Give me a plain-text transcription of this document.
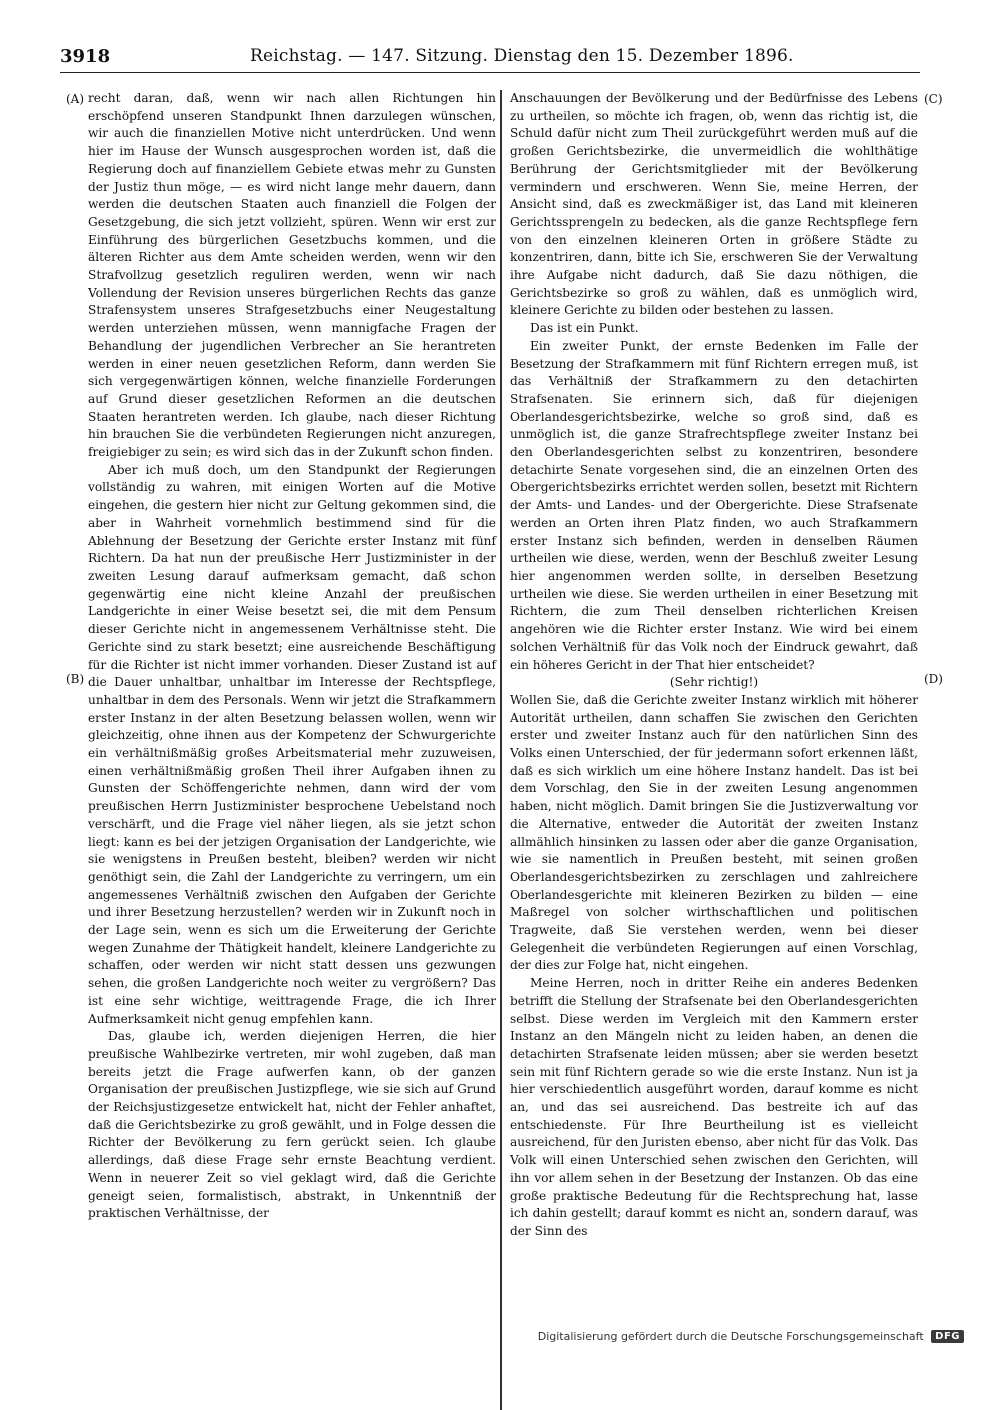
3918	Reichstag. — 147. Sitzung. Dienstag den 15. Dezember 1896.
(A)
(B)
(C)
(D)

recht daran, daß, wenn wir nach allen Richtungen hin erschöpfend unseren Standpunkt Ihnen darzulegen wünschen, wir auch die finanziellen Motive nicht unterdrücken. Und wenn hier im Hause der Wunsch ausgesprochen worden ist, daß die Regierung doch auf finanziellem Gebiete etwas mehr zu Gunsten der Justiz thun möge, — es wird nicht lange mehr dauern, dann werden die deutschen Staaten auch finanziell die Folgen der Gesetzgebung, die sich jetzt vollzieht, spüren. Wenn wir erst zur Einführung des bürgerlichen Gesetzbuchs kommen, und die älteren Richter aus dem Amte scheiden werden, wenn wir den Strafvollzug gesetzlich reguliren werden, wenn wir nach Vollendung der Revision unseres bürgerlichen Rechts das ganze Strafensystem unseres Strafgesetzbuchs einer Neugestaltung werden unterziehen müssen, wenn mannigfache Fragen der Behandlung der jugendlichen Verbrecher an Sie herantreten werden in einer neuen gesetzlichen Reform, dann werden Sie sich vergegenwärtigen können, welche finanzielle Forderungen auf Grund dieser gesetzlichen Reformen an die deutschen Staaten herantreten werden. Ich glaube, nach dieser Richtung hin brauchen Sie die verbündeten Regierungen nicht anzuregen, freigiebiger zu sein; es wird sich das in der Zukunft schon finden.

Aber ich muß doch, um den Standpunkt der Regierungen vollständig zu wahren, mit einigen Worten auf die Motive eingehen, die gestern hier nicht zur Geltung gekommen sind, die aber in Wahrheit vornehmlich bestimmend sind für die Ablehnung der Besetzung der Gerichte erster Instanz mit fünf Richtern. Da hat nun der preußische Herr Justizminister in der zweiten Lesung darauf aufmerksam gemacht, daß schon gegenwärtig eine nicht kleine Anzahl der preußischen Landgerichte in einer Weise besetzt sei, die mit dem Pensum dieser Gerichte nicht in angemessenem Verhältnisse steht. Die Gerichte sind zu stark besetzt; eine ausreichende Beschäftigung für die Richter ist nicht immer vorhanden. Dieser Zustand ist auf die Dauer unhaltbar, unhaltbar im Interesse der Rechtspflege, unhaltbar in dem des Personals. Wenn wir jetzt die Strafkammern erster Instanz in der alten Besetzung belassen wollen, wenn wir gleichzeitig, ohne ihnen aus der Kompetenz der Schwurgerichte ein verhältnißmäßig großes Arbeitsmaterial mehr zuzuweisen, einen verhältnißmäßig großen Theil ihrer Aufgaben ihnen zu Gunsten der Schöffengerichte nehmen, dann wird der vom preußischen Herrn Justizminister besprochene Uebelstand noch verschärft, und die Frage viel näher liegen, als sie jetzt schon liegt: kann es bei der jetzigen Organisation der Landgerichte, wie sie wenigstens in Preußen besteht, bleiben? werden wir nicht genöthigt sein, die Zahl der Landgerichte zu verringern, um ein angemessenes Verhältniß zwischen den Aufgaben der Gerichte und ihrer Besetzung herzustellen? werden wir in Zukunft noch in der Lage sein, wenn es sich um die Erweiterung der Gerichte wegen Zunahme der Thätigkeit handelt, kleinere Landgerichte zu schaffen, oder werden wir nicht statt dessen uns gezwungen sehen, die großen Landgerichte noch weiter zu vergrößern? Das ist eine sehr wichtige, weittragende Frage, die ich Ihrer Aufmerksamkeit nicht genug empfehlen kann.

Das, glaube ich, werden diejenigen Herren, die hier preußische Wahlbezirke vertreten, mir wohl zugeben, daß man bereits jetzt die Frage aufwerfen kann, ob der ganzen Organisation der preußischen Justizpflege, wie sie sich auf Grund der Reichsjustizgesetze entwickelt hat, nicht der Fehler anhaftet, daß die Gerichtsbezirke zu groß gewählt, und in Folge dessen die Richter der Bevölkerung zu fern gerückt seien. Ich glaube allerdings, daß diese Frage sehr ernste Beachtung verdient. Wenn in neuerer Zeit so viel geklagt wird, daß die Gerichte geneigt seien, formalistisch, abstrakt, in Unkenntniß der praktischen Verhältnisse, der

Anschauungen der Bevölkerung und der Bedürfnisse des Lebens zu urtheilen, so möchte ich fragen, ob, wenn das richtig ist, die Schuld dafür nicht zum Theil zurückgeführt werden muß auf die großen Gerichtsbezirke, die unvermeidlich die wohlthätige Berührung der Gerichtsmitglieder mit der Bevölkerung vermindern und erschweren. Wenn Sie, meine Herren, der Ansicht sind, daß es zweckmäßiger ist, das Land mit kleineren Gerichtssprengeln zu bedecken, als die ganze Rechtspflege fern von den einzelnen kleineren Orten in größere Städte zu konzentriren, dann, bitte ich Sie, erschweren Sie der Verwaltung ihre Aufgabe nicht dadurch, daß Sie dazu nöthigen, die Gerichtsbezirke so groß zu wählen, daß es unmöglich wird, kleinere Gerichte zu bilden oder bestehen zu lassen.

Das ist ein Punkt.

Ein zweiter Punkt, der ernste Bedenken im Falle der Besetzung der Strafkammern mit fünf Richtern erregen muß, ist das Verhältniß der Strafkammern zu den detachirten Strafsenaten. Sie erinnern sich, daß für diejenigen Oberlandesgerichtsbezirke, welche so groß sind, daß es unmöglich ist, die ganze Strafrechtspflege zweiter Instanz bei den Oberlandesgerichten selbst zu konzentriren, besondere detachirte Senate vorgesehen sind, die an einzelnen Orten des Obergerichtsbezirks errichtet werden sollen, besetzt mit Richtern der Amts- und Landes- und der Obergerichte. Diese Strafsenate werden an Orten ihren Platz finden, wo auch Strafkammern erster Instanz sich befinden, werden in denselben Räumen urtheilen wie diese, werden, wenn der Beschluß zweiter Lesung hier angenommen werden sollte, in derselben Besetzung urtheilen wie diese. Sie werden urtheilen in einer Besetzung mit Richtern, die zum Theil denselben richterlichen Kreisen angehören wie die Richter erster Instanz. Wie wird bei einem solchen Verhältniß für das Volk noch der Eindruck gewahrt, daß ein höheres Gericht in der That hier entscheidet?

(Sehr richtig!)

Wollen Sie, daß die Gerichte zweiter Instanz wirklich mit höherer Autorität urtheilen, dann schaffen Sie zwischen den Gerichten erster und zweiter Instanz auch für den natürlichen Sinn des Volks einen Unterschied, der für jedermann sofort erkennen läßt, daß es sich wirklich um eine höhere Instanz handelt. Das ist bei dem Vorschlag, den Sie in der zweiten Lesung angenommen haben, nicht möglich. Damit bringen Sie die Justizverwaltung vor die Alternative, entweder die Autorität der zweiten Instanz allmählich hinsinken zu lassen oder aber die ganze Organisation, wie sie namentlich in Preußen besteht, mit seinen großen Oberlandesgerichtsbezirken zu zerschlagen und zahlreichere Oberlandesgerichte mit kleineren Bezirken zu bilden — eine Maßregel von solcher wirthschaftlichen und politischen Tragweite, daß Sie verstehen werden, wenn bei dieser Gelegenheit die verbündeten Regierungen auf einen Vorschlag, der dies zur Folge hat, nicht eingehen.

Meine Herren, noch in dritter Reihe ein anderes Bedenken betrifft die Stellung der Strafsenate bei den Oberlandesgerichten selbst. Diese werden im Vergleich mit den Kammern erster Instanz an den Mängeln nicht zu leiden haben, an denen die detachirten Strafsenate leiden müssen; aber sie werden besetzt sein mit fünf Richtern gerade so wie die erste Instanz. Nun ist ja hier verschiedentlich ausgeführt worden, darauf komme es nicht an, und das sei ausreichend. Das bestreite ich auf das entschiedenste. Für Ihre Beurtheilung ist es vielleicht ausreichend, für den Juristen ebenso, aber nicht für das Volk. Das Volk will einen Unterschied sehen zwischen den Gerichten, will ihn vor allem sehen in der Besetzung der Instanzen. Ob das eine große praktische Bedeutung für die Rechtsprechung hat, lasse ich dahin gestellt; darauf kommt es nicht an, sondern darauf, was der Sinn des

Digitalisierung gefördert durch die Deutsche Forschungsgemeinschaft DFG
